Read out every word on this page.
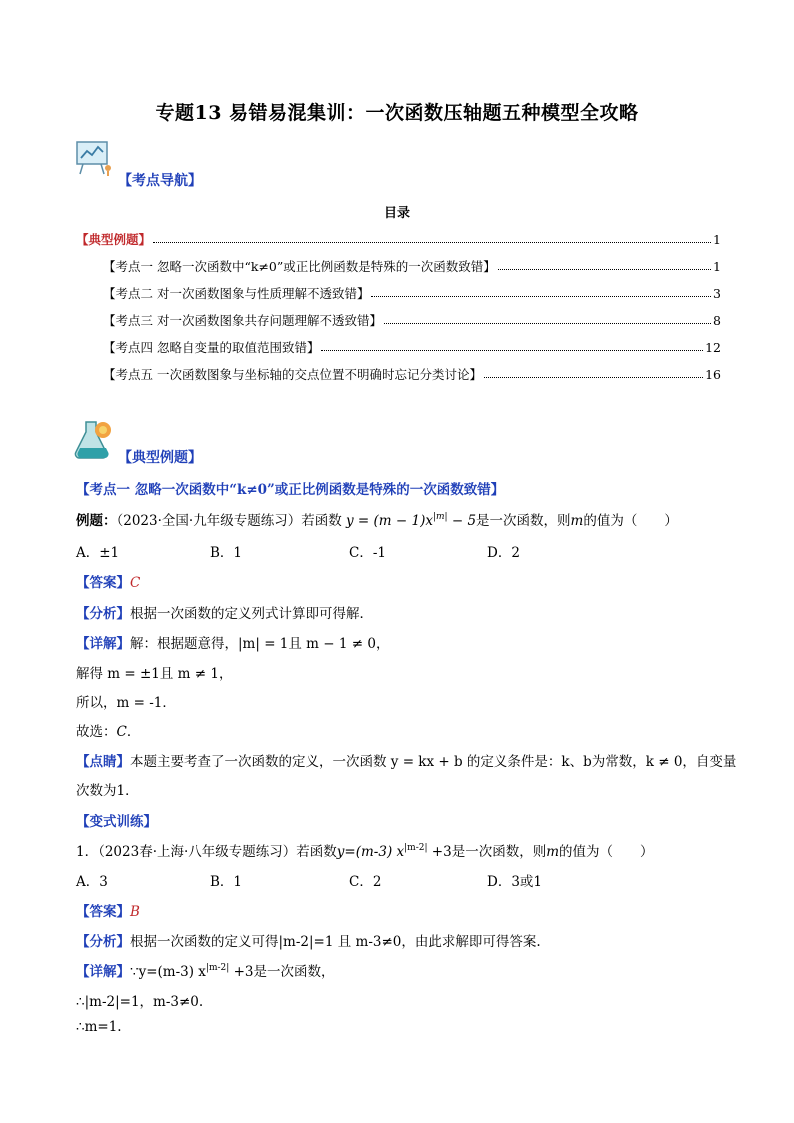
专题13 易错易混集训：一次函数压轴题五种模型全攻略
【考点导航】
目录
【典型例题】	1
【考点一 忽略一次函数中“k≠0”或正比例函数是特殊的一次函数致错】	1
【考点二 对一次函数图象与性质理解不透致错】	3
【考点三 对一次函数图象共存问题理解不透致错】	8
【考点四 忽略自变量的取值范围致错】	12
【考点五 一次函数图象与坐标轴的交点位置不明确时忘记分类讨论】	16
【典型例题】
【考点一 忽略一次函数中“k≠0”或正比例函数是特殊的一次函数致错】
例题：（2023·全国·九年级专题练习）若函数 $y = (m - 1)x^{|m|} - 5$是一次函数，则m的值为（　　）
A．±1	B．1	C．-1	D．2
【答案】C
【分析】根据一次函数的定义列式计算即可得解．
【详解】解：根据题意得，|m| = 1且 m − 1 ≠ 0，
解得 m = ±1且 m ≠ 1，
所以，m = -1．
故选：C．
【点睛】本题主要考查了一次函数的定义，一次函数 y = kx + b 的定义条件是：k、b为常数，k ≠ 0，自变量
次数为1．
【变式训练】
1．（2023春·上海·八年级专题练习）若函数y=(m-3) $x^{|m-2|} +3$是一次函数，则m的值为（　　）
A．3	B．1	C．2	D．3或1
【答案】B
【分析】根据一次函数的定义可得|m-2|=1 且 m-3≠0，由此求解即可得答案.
【详解】∵y=(m-3) $x^{|m-2|} +3$是一次函数，
∴|m-2|=1，m-3≠0.
∴m=1.
